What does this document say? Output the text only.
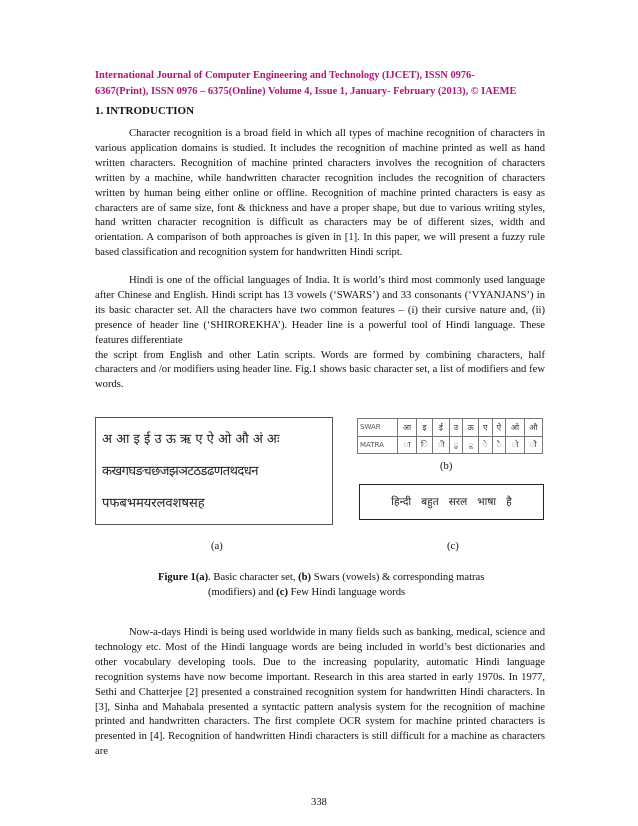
International Journal of Computer Engineering and Technology (IJCET), ISSN 0976-
6367(Print), ISSN 0976 – 6375(Online) Volume 4, Issue 1, January- February (2013), © IAEME
1. INTRODUCTION

Character recognition is a broad field in which all types of machine recognition of characters in various application domains is studied. It includes the recognition of machine printed as well as hand written characters. Recognition of machine printed characters involves the recognition of characters written by a machine, while handwritten character recognition includes the recognition of characters written by human being either online or offline. Recognition of machine printed characters is easy as characters are of same size, font & thickness and have a proper shape, but due to various writing styles, hand written character recognition is difficult as characters may be of different sizes, width and orientation. A comparison of both approaches is given in [1]. In this paper, we will present a fuzzy rule based classification and recognition system for handwritten Hindi script.

Hindi is one of the official languages of India. It is world’s third most commonly used language after Chinese and English. Hindi script has 13 vowels (‘SWARS’) and 33 consonants (‘VYANJANS’) in its basic character set. All the characters have two common features – (i) their cursive nature and, (ii) presence of header line (‘SHIROREKHA’). Header line is a powerful tool of Hindi language. These features differentiate
the script from English and other Latin scripts. Words are formed by combining characters, half characters and /or modifiers using header line. Fig.1 shows basic character set, a list of modifiers and few words.

अ आ इ ई उ ऊ ऋ ए ऐ ओ औ अं अः
कखगघङचछजझञटठडढणतथदधन
पफबभमयरलवशषसह
SWAR	आ	इ	ई	उ	ऊ	ए	ऐ	ओ	औ
MATRA	ा	ि	ी	ु	ू	े	ै	ो	ौ
(b)
हिन्दी   बहुत   सरल   भाषा   है
(a)	(c)
Figure 1(a). Basic character set, (b) Swars (vowels) & corresponding matras
(modifiers) and (c) Few Hindi language words

Now-a-days Hindi is being used worldwide in many fields such as banking, medical, science and technology etc. Most of the Hindi language words are being included in world’s best dictionaries and other vocabulary developing tools. Due to the increasing popularity, automatic Hindi language recognition systems have now become important. Research in this area started in early 1970s. In 1977, Sethi and Chatterjee [2] presented a constrained recognition system for handwritten Hindi characters. In [3], Sinha and Mahabala presented a syntactic pattern analysis system for the recognition of machine printed and handwritten characters. The first complete OCR system for machine printed characters is presented in [4]. Recognition of handwritten Hindi characters is still difficult for a machine as characters are

338
